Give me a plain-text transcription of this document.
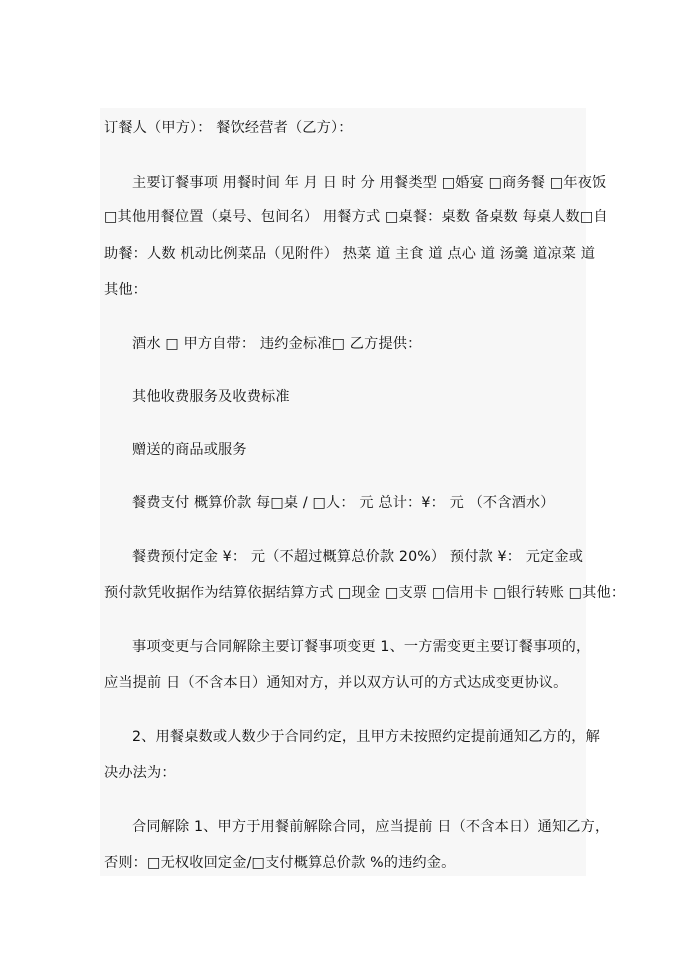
订餐人（甲方）： 餐饮经营者（乙方）：
主要订餐事项 用餐时间 年 月 日 时 分 用餐类型 □婚宴 □商务餐 □年夜饭
□其他用餐位置（桌号、包间名） 用餐方式 □桌餐：桌数 备桌数 每桌人数□自
助餐：人数 机动比例菜品（见附件） 热菜 道 主食 道 点心 道 汤羹 道凉菜 道
其他：
酒水 □ 甲方自带： 违约金标准□ 乙方提供：
其他收费服务及收费标准
赠送的商品或服务
餐费支付 概算价款 每□桌 / □人： 元 总计：¥： 元 （不含酒水）
餐费预付定金 ¥： 元（不超过概算总价款 20%） 预付款 ¥： 元定金或
预付款凭收据作为结算依据结算方式 □现金 □支票 □信用卡 □银行转账 □其他：
事项变更与合同解除主要订餐事项变更 1、一方需变更主要订餐事项的，
应当提前 日（不含本日）通知对方，并以双方认可的方式达成变更协议。
2、用餐桌数或人数少于合同约定，且甲方未按照约定提前通知乙方的，解
决办法为：
合同解除 1、甲方于用餐前解除合同，应当提前 日（不含本日）通知乙方，
否则：□无权收回定金/□支付概算总价款 %的违约金。
